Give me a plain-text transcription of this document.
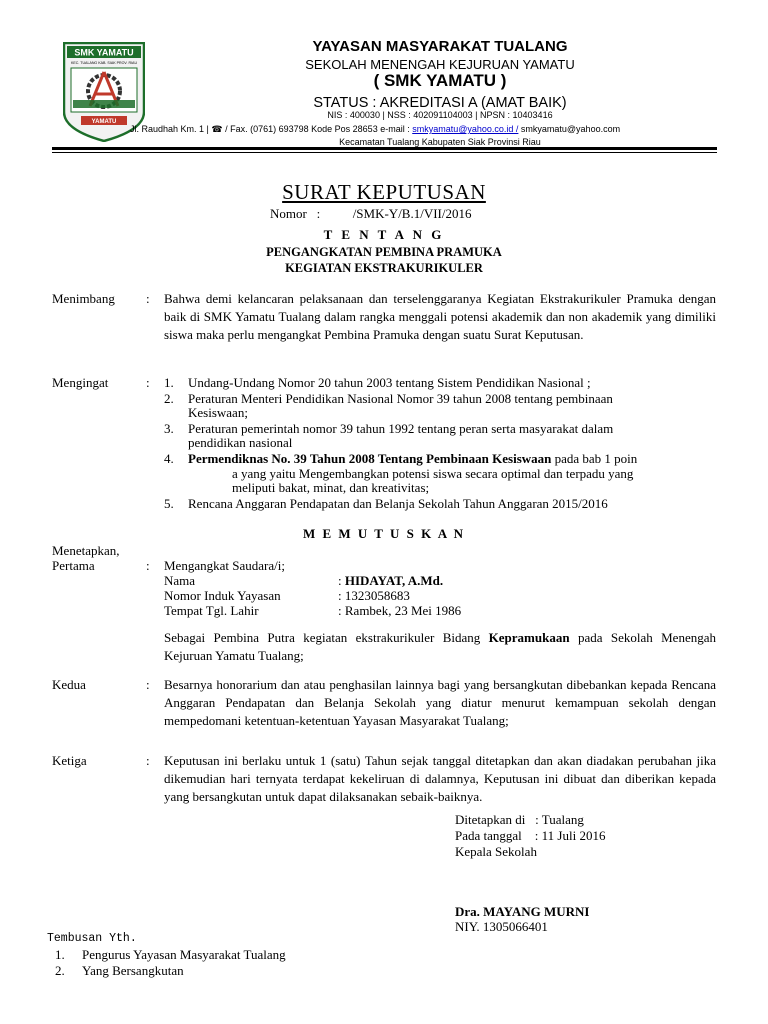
SMK YAMATU
KEC. TUALANG KAB. SIAK PROV. RIAU
YAMATU
YAYASAN MASYARAKAT TUALANG
SEKOLAH MENENGAH KEJURUAN YAMATU
( SMK YAMATU )
STATUS : AKREDITASI A (AMAT BAIK)
NIS : 400030 | NSS : 402091104003 | NPSN : 10403416
Jl. Raudhah Km. 1 | ☎ / Fax. (0761) 693798 Kode Pos 28653 e-mail : smkyamatu@yahoo.co.id / smkyamatu@yahoo.com
Kecamatan Tualang Kabupaten Siak Provinsi Riau
SURAT KEPUTUSAN
Nomor   :          /SMK-Y/B.1/VII/2016
T E N T A N G
PENGANGKATAN PEMBINA PRAMUKA
KEGIATAN EKSTRAKURIKULER
Menimbang : Bahwa demi kelancaran pelaksanaan dan terselenggaranya Kegiatan Ekstrakurikuler Pramuka dengan baik di SMK Yamatu Tualang dalam rangka menggali potensi akademik dan non akademik yang dimiliki siswa maka perlu mengangkat Pembina Pramuka dengan suatu Surat Keputusan.
Mengingat	: 1. Undang-Undang Nomor 20 tahun 2003 tentang Sistem Pendidikan Nasional ;
2. Peraturan Menteri Pendidikan Nasional Nomor 39 tahun 2008 tentang pembinaan
Kesiswaan;
3. Peraturan pemerintah nomor 39 tahun 1992 tentang peran serta masyarakat dalam
pendidikan nasional
4. Permendiknas No. 39 Tahun 2008 Tentang Pembinaan Kesiswaan pada bab 1 poin
a yang yaitu Mengembangkan potensi siswa secara optimal dan terpadu yang
meliputi bakat, minat, dan kreativitas;
5. Rencana Anggaran Pendapatan dan Belanja Sekolah Tahun Anggaran 2015/2016
M E M U T U S K A N
Menetapkan,
Pertama	: Mengangkat Saudara/i;
Nama	: HIDAYAT, A.Md.
Nomor Induk Yayasan	: 1323058683
Tempat Tgl. Lahir	: Rambek, 23 Mei 1986
Sebagai Pembina Putra kegiatan ekstrakurikuler Bidang Kepramukaan pada Sekolah Menengah Kejuruan Yamatu Tualang;
Kedua	: Besarnya honorarium dan atau penghasilan lainnya bagi yang bersangkutan dibebankan kepada Rencana Anggaran Pendapatan dan Belanja Sekolah yang diatur menurut kemampuan sekolah dengan mempedomani ketentuan-ketentuan Yayasan Masyarakat Tualang;
Ketiga	: Keputusan ini berlaku untuk 1 (satu) Tahun sejak tanggal ditetapkan dan akan diadakan perubahan jika dikemudian hari ternyata terdapat kekeliruan di dalamnya, Keputusan ini dibuat dan diberikan kepada yang bersangkutan untuk dapat dilaksanakan sebaik-baiknya.
Ditetapkan di   : Tualang
Pada tanggal    : 11 Juli 2016
Kepala Sekolah
Dra. MAYANG MURNI
NIY. 1305066401
Tembusan Yth.
1. Pengurus Yayasan Masyarakat Tualang
2. Yang Bersangkutan
